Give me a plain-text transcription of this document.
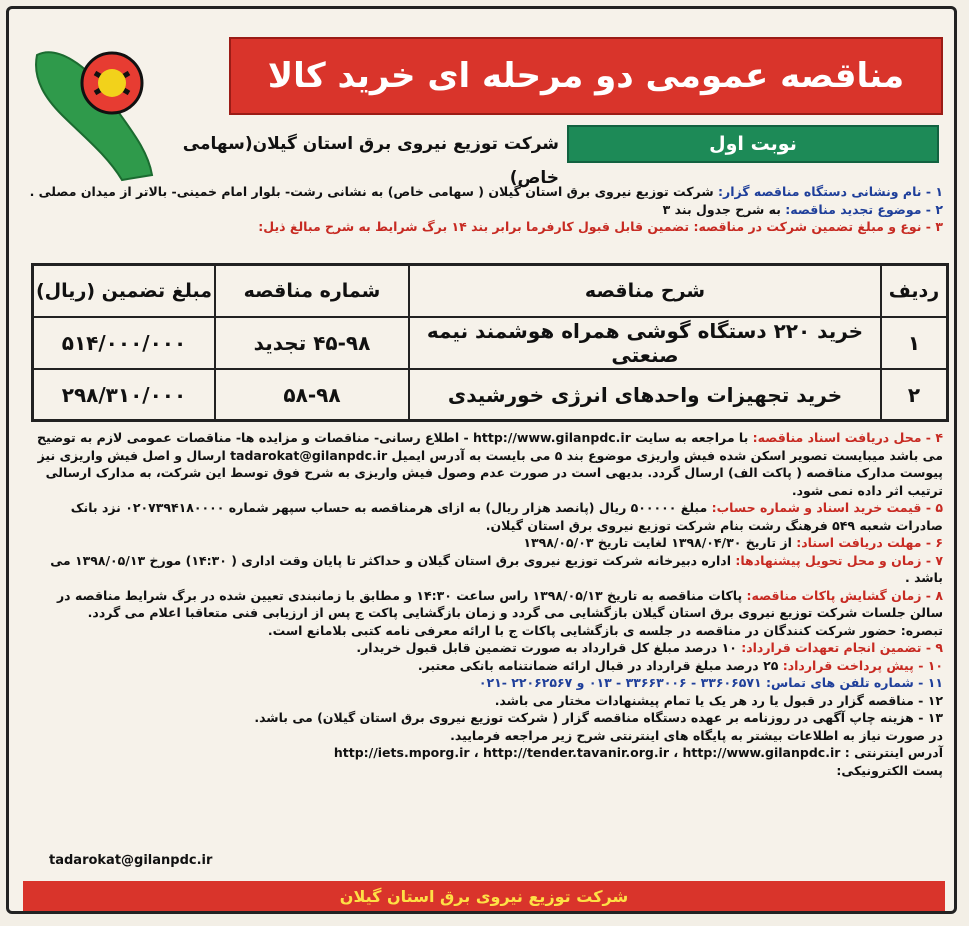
مناقصه عمومی دو مرحله ای خرید کالا
نوبت اول
شرکت توزیع نیروی برق استان گیلان(سهامی خاص)
۱ - نام ونشانی دستگاه مناقصه گزار: شرکت توزیع نیروی برق استان گیلان ( سهامی خاص) به نشانی رشت- بلوار امام خمینی- بالاتر از میدان مصلی .
۲ - موضوع تجدید مناقصه: به شرح جدول بند ۳
۳ - نوع و مبلغ تضمین شرکت در مناقصه: تضمین قابل قبول کارفرما برابر بند ۱۴ برگ شرایط به شرح مبالغ ذیل:
ردیف	شرح مناقصه	شماره مناقصه	مبلغ تضمین (ریال)
۱	خرید ۲۲۰ دستگاه گوشی همراه هوشمند نیمه صنعتی	۴۵-۹۸ تجدید	۵۱۴/۰۰۰/۰۰۰
۲	خرید تجهیزات واحدهای انرژی خورشیدی	۵۸-۹۸	۲۹۸/۳۱۰/۰۰۰
۴ - محل دریافت اسناد مناقصه: با مراجعه به سایت http://www.gilanpdc.ir - اطلاع رسانی- مناقصات و مزایده ها- مناقصات عمومی لازم به توضیح می باشد میبایست تصویر اسکن شده فیش واریزی موضوع بند ۵ می بایست به آدرس ایمیل tadarokat@gilanpdc.ir ارسال و اصل فیش واریزی نیز پیوست مدارک مناقصه ( پاکت الف) ارسال گردد. بدیهی است در صورت عدم وصول فیش واریزی به شرح فوق توسط این شرکت، به مدارک ارسالی ترتیب اثر داده نمی شود.
۵ - قیمت خرید اسناد و شماره حساب: مبلغ ۵۰۰۰۰۰ ریال (پانصد هزار ریال) به ازای هرمناقصه به حساب سپهر شماره ۰۲۰۷۳۹۴۱۸۰۰۰۰ نزد بانک صادرات شعبه ۵۴۹ فرهنگ رشت بنام شرکت توزیع نیروی برق استان گیلان.
۶ - مهلت دریافت اسناد: از تاریخ ۱۳۹۸/۰۴/۳۰ لغایت تاریخ ۱۳۹۸/۰۵/۰۳
۷ - زمان و محل تحویل پیشنهادها: اداره دبیرخانه شرکت توزیع نیروی برق استان گیلان و حداکثر تا پایان وقت اداری ( ۱۴:۳۰) مورخ ۱۳۹۸/۰۵/۱۳ می باشد .
۸ - زمان گشایش پاکات مناقصه: پاکات مناقصه به تاریخ ۱۳۹۸/۰۵/۱۳ راس ساعت ۱۴:۳۰ و مطابق با زمانبندی تعیین شده در برگ شرایط مناقصه در سالن جلسات شرکت توزیع نیروی برق استان گیلان بازگشایی می گردد و زمان بازگشایی پاکت ج پس از ارزیابی فنی متعاقبا اعلام می گردد.
تبصره: حضور شرکت کنندگان در مناقصه در جلسه ی بازگشایی پاکات ج با ارائه معرفی نامه کتبی بلامانع است.
۹ - تضمین انجام تعهدات قرارداد: ۱۰ درصد مبلغ کل قرارداد به صورت تضمین قابل قبول خریدار.
۱۰ - پیش پرداخت قرارداد: ۲۵ درصد مبلغ قرارداد در قبال ارائه ضمانتنامه بانکی معتبر.
۱۱ - شماره تلفن های تماس: ۳۳۶۰۶۵۷۱ - ۳۳۶۶۳۰۰۶ - ۰۱۳ و ۲۲۰۶۲۵۶۷ -۰۲۱
۱۲ - مناقصه گزار در قبول یا رد هر یک یا تمام پیشنهادات مختار می باشد.
۱۳ - هزینه چاپ آگهی در روزنامه بر عهده دستگاه مناقصه گزار ( شرکت توزیع نیروی برق استان گیلان) می باشد.
در صورت نیاز به اطلاعات بیشتر به پایگاه های اینترنتی شرح زیر مراجعه فرمایید.
آدرس اینترنتی : http://iets.mporg.ir ، http://tender.tavanir.org.ir ، http://www.gilanpdc.ir
پست الکترونیکی:
tadarokat@gilanpdc.ir
شرکت توزیع نیروی برق استان گیلان
